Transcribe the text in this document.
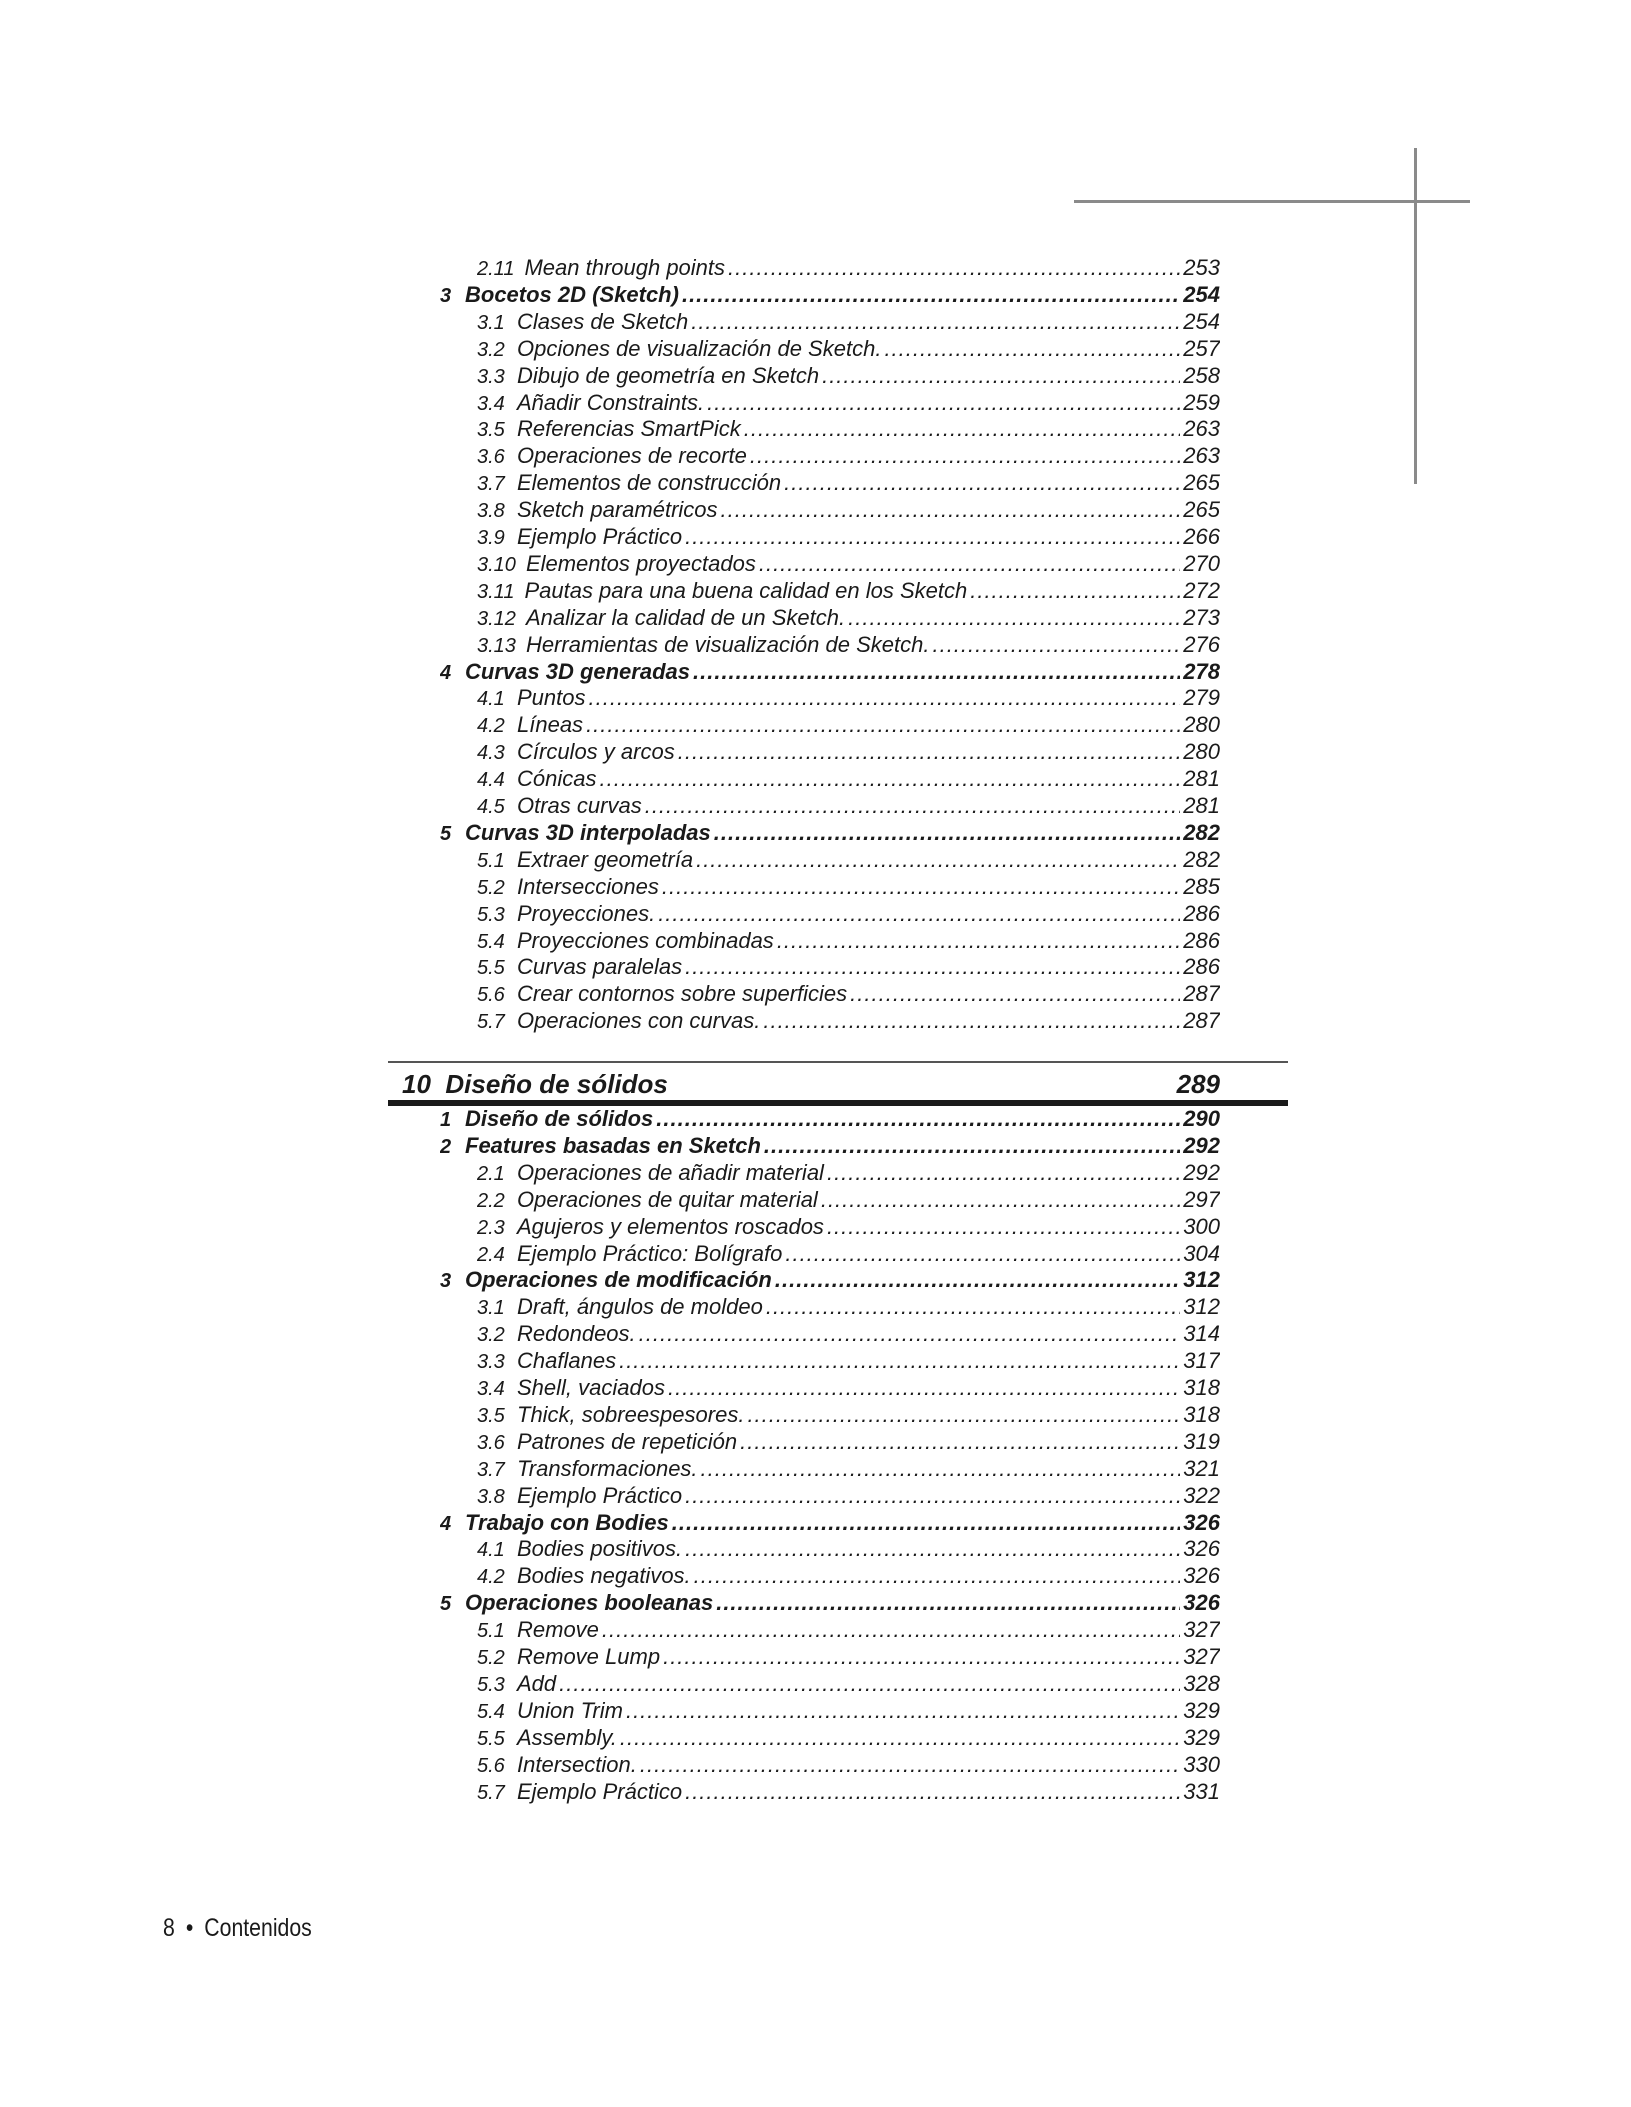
2.11 Mean through points .....	253
3 Bocetos 2D (Sketch) .....	254
3.1 Clases de Sketch .....	254
3.2 Opciones de visualización de Sketch. .....	257
3.3 Dibujo de geometría en Sketch .....	258
3.4 Añadir Constraints. .....	259
3.5 Referencias SmartPick .....	263
3.6 Operaciones de recorte .....	263
3.7 Elementos de construcción .....	265
3.8 Sketch paramétricos .....	265
3.9 Ejemplo Práctico .....	266
3.10 Elementos proyectados .....	270
3.11 Pautas para una buena calidad en los Sketch .....	272
3.12 Analizar la calidad de un Sketch. .....	273
3.13 Herramientas de visualización de Sketch. .....	276
4 Curvas 3D generadas .....	278
4.1 Puntos .....	279
4.2 Líneas .....	280
4.3 Círculos y arcos .....	280
4.4 Cónicas .....	281
4.5 Otras curvas .....	281
5 Curvas 3D interpoladas .....	282
5.1 Extraer geometría .....	282
5.2 Intersecciones .....	285
5.3 Proyecciones. .....	286
5.4 Proyecciones combinadas .....	286
5.5 Curvas paralelas .....	286
5.6 Crear contornos sobre superficies .....	287
5.7 Operaciones con curvas. .....	287
10 Diseño de sólidos	289
1 Diseño de sólidos .....	290
2 Features basadas en Sketch .....	292
2.1 Operaciones de añadir material .....	292
2.2 Operaciones de quitar material .....	297
2.3 Agujeros y elementos roscados .....	300
2.4 Ejemplo Práctico: Bolígrafo .....	304
3 Operaciones de modificación .....	312
3.1 Draft, ángulos de moldeo .....	312
3.2 Redondeos. .....	314
3.3 Chaflanes .....	317
3.4 Shell, vaciados .....	318
3.5 Thick, sobreespesores. .....	318
3.6 Patrones de repetición .....	319
3.7 Transformaciones. .....	321
3.8 Ejemplo Práctico .....	322
4 Trabajo con Bodies .....	326
4.1 Bodies positivos. .....	326
4.2 Bodies negativos. .....	326
5 Operaciones booleanas .....	326
5.1 Remove .....	327
5.2 Remove Lump .....	327
5.3 Add .....	328
5.4 Union Trim .....	329
5.5 Assembly. .....	329
5.6 Intersection. .....	330
5.7 Ejemplo Práctico .....	331
8 • Contenidos
